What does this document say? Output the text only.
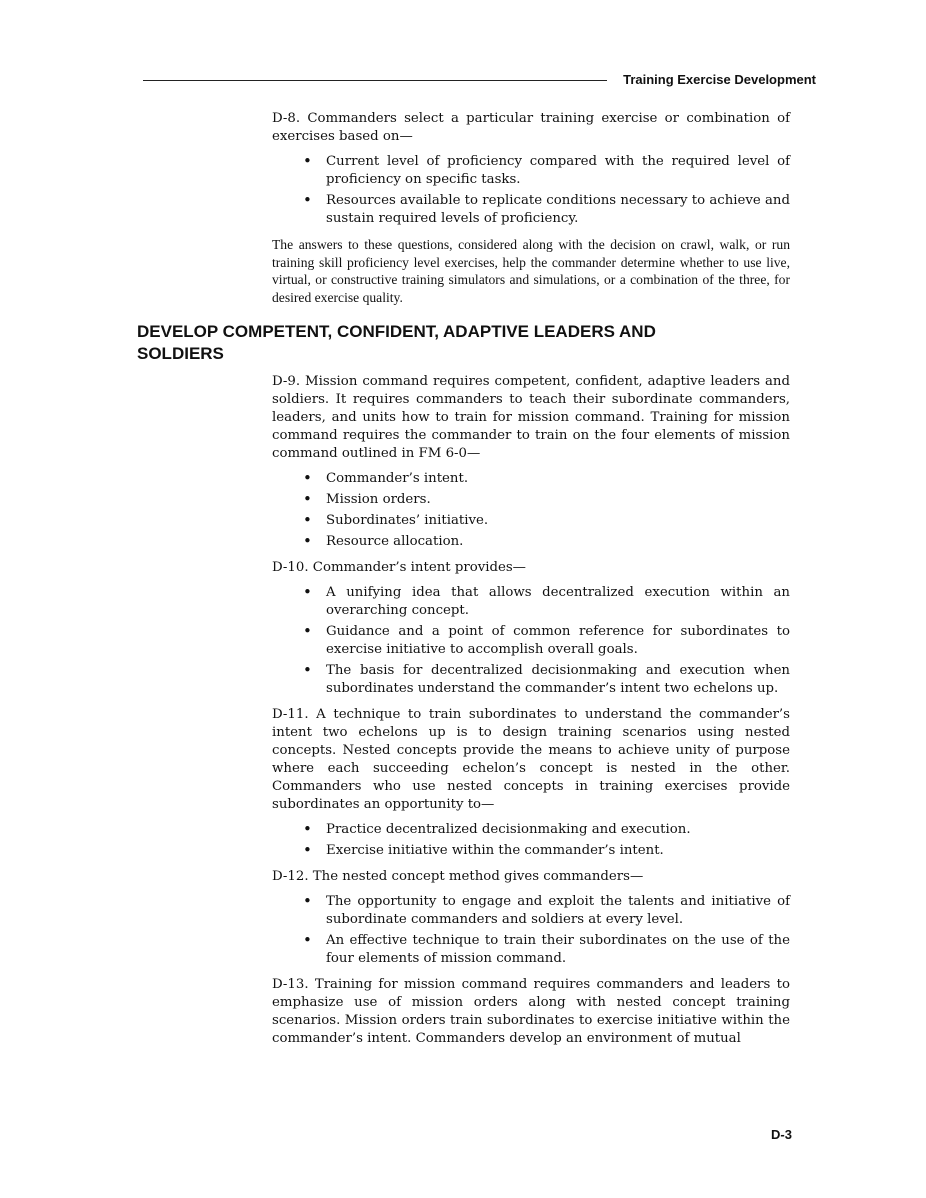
Training Exercise Development

D-8. Commanders select a particular training exercise or combination of exercises based on—

• Current level of proficiency compared with the required level of proficiency on specific tasks.
• Resources available to replicate conditions necessary to achieve and sustain required levels of proficiency.

The answers to these questions, considered along with the decision on crawl, walk, or run training skill proficiency level exercises, help the commander determine whether to use live, virtual, or constructive training simulators and simulations, or a combination of the three, for desired exercise quality.

DEVELOP COMPETENT, CONFIDENT, ADAPTIVE LEADERS AND SOLDIERS

D-9. Mission command requires competent, confident, adaptive leaders and soldiers. It requires commanders to teach their subordinate commanders, leaders, and units how to train for mission command. Training for mission command requires the commander to train on the four elements of mission command outlined in FM 6-0—

• Commander’s intent.
• Mission orders.
• Subordinates’ initiative.
• Resource allocation.

D-10. Commander’s intent provides—

• A unifying idea that allows decentralized execution within an overarching concept.
• Guidance and a point of common reference for subordinates to exercise initiative to accomplish overall goals.
• The basis for decentralized decisionmaking and execution when subordinates understand the commander’s intent two echelons up.

D-11. A technique to train subordinates to understand the commander’s intent two echelons up is to design training scenarios using nested concepts. Nested concepts provide the means to achieve unity of purpose where each succeeding echelon’s concept is nested in the other. Commanders who use nested concepts in training exercises provide subordinates an opportunity to—

• Practice decentralized decisionmaking and execution.
• Exercise initiative within the commander’s intent.

D-12. The nested concept method gives commanders—

• The opportunity to engage and exploit the talents and initiative of subordinate commanders and soldiers at every level.
• An effective technique to train their subordinates on the use of the four elements of mission command.

D-13. Training for mission command requires commanders and leaders to emphasize use of mission orders along with nested concept training scenarios. Mission orders train subordinates to exercise initiative within the commander’s intent. Commanders develop an environment of mutual

D-3
